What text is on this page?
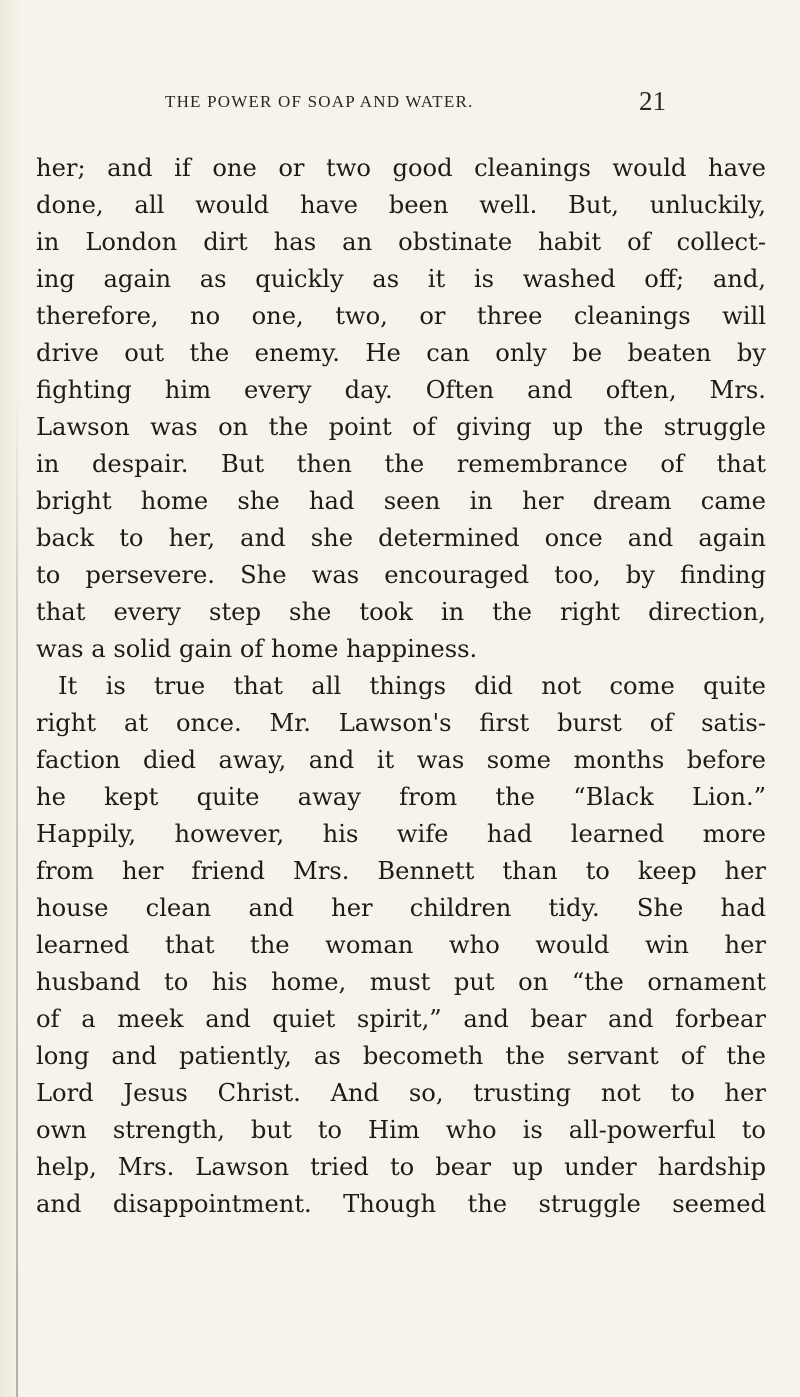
THE POWER OF SOAP AND WATER.	21
her; and if one or two good cleanings would have
done, all would have been well. But, unluckily,
in London dirt has an obstinate habit of collect-
ing again as quickly as it is washed off; and,
therefore, no one, two, or three cleanings will
drive out the enemy. He can only be beaten by
fighting him every day. Often and often, Mrs.
Lawson was on the point of giving up the struggle
in despair. But then the remembrance of that
bright home she had seen in her dream came
back to her, and she determined once and again
to persevere. She was encouraged too, by finding
that every step she took in the right direction,
was a solid gain of home happiness.
It is true that all things did not come quite
right at once. Mr. Lawson's first burst of satis-
faction died away, and it was some months before
he kept quite away from the “Black Lion.”
Happily, however, his wife had learned more
from her friend Mrs. Bennett than to keep her
house clean and her children tidy. She had
learned that the woman who would win her
husband to his home, must put on “the ornament
of a meek and quiet spirit,” and bear and forbear
long and patiently, as becometh the servant of the
Lord Jesus Christ. And so, trusting not to her
own strength, but to Him who is all-powerful to
help, Mrs. Lawson tried to bear up under hardship
and disappointment. Though the struggle seemed
